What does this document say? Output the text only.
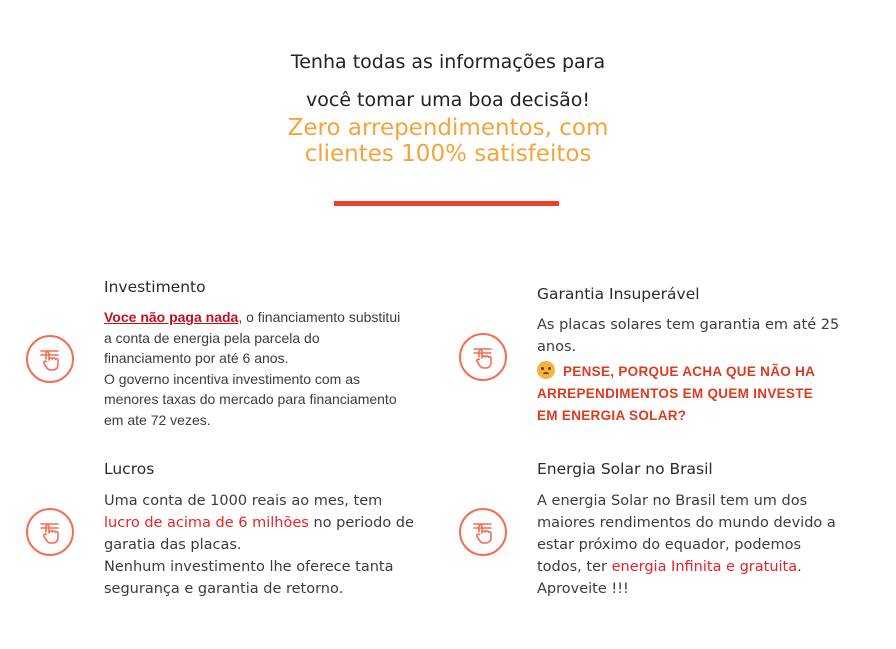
Tenha todas as informações para
você tomar uma boa decisão!
Zero arrependimentos, com
clientes 100% satisfeitos
Investimento
Voce não paga nada, o financiamento substitui
a conta de energia pela parcela do
financiamento por até 6 anos.
O governo incentiva investimento com as
menores taxas do mercado para financiamento
em ate 72 vezes.
Garantia Insuperável
As placas solares tem garantia em até 25
anos.
PENSE, PORQUE ACHA QUE NÃO HA
ARREPENDIMENTOS EM QUEM INVESTE
EM ENERGIA SOLAR?
Lucros
Uma conta de 1000 reais ao mes, tem
lucro de acima de 6 milhões no periodo de
garatia das placas.
Nenhum investimento lhe oferece tanta
segurança e garantia de retorno.
Energia Solar no Brasil
A energia Solar no Brasil tem um dos
maiores rendimentos do mundo devido a
estar próximo do equador, podemos
todos, ter energia Infinita e gratuita.
Aproveite !!!
